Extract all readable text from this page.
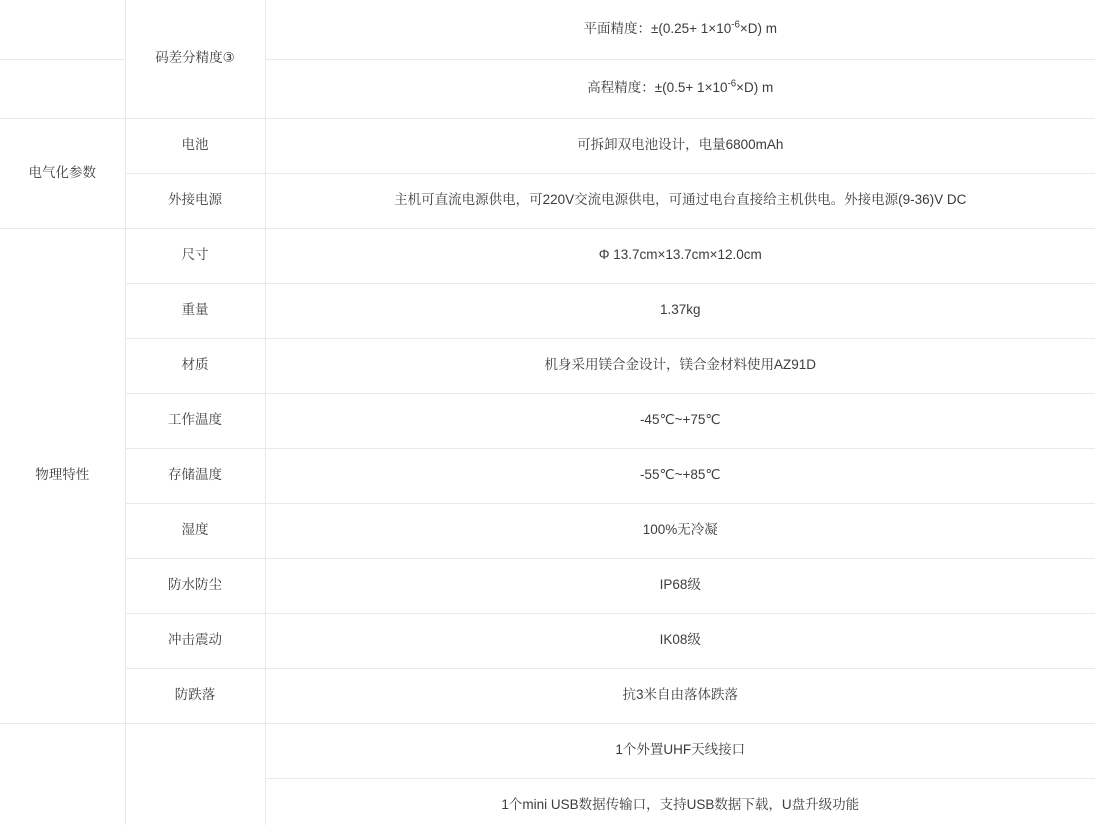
	码差分精度③	平面精度：$\pm(0.25+ 1\times 10^{-6}\times D)$ m
		高程精度：$\pm(0.5+ 1\times 10^{-6}\times D)$ m
电气化参数	电池	可拆卸双电池设计，电量6800mAh
	外接电源	主机可直流电源供电，可220V交流电源供电，可通过电台直接给主机供电。外接电源(9-36)V DC
物理特性	尺寸	Φ 13.7cm×13.7cm×12.0cm
	重量	1.37kg
	材质	机身采用镁合金设计，镁合金材料使用AZ91D
	工作温度	-45℃~+75℃
	存储温度	-55℃~+85℃
	湿度	100%无冷凝
	防水防尘	IP68级
	冲击震动	IK08级
	防跌落	抗3米自由落体跌落
		1个外置UHF天线接口
		1个mini USB数据传输口，支持USB数据下载，U盘升级功能
